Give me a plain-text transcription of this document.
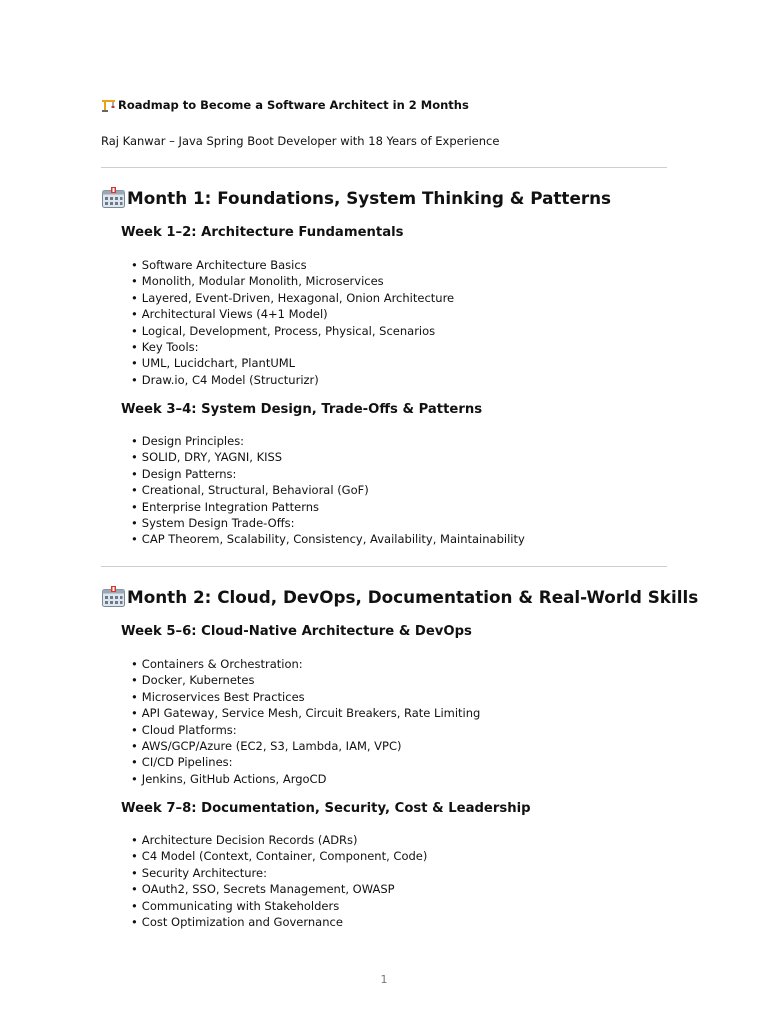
Roadmap to Become a Software Architect in 2 Months
Raj Kanwar – Java Spring Boot Developer with 18 Years of Experience
Month 1: Foundations, System Thinking & Patterns
Week 1–2: Architecture Fundamentals
• Software Architecture Basics
• Monolith, Modular Monolith, Microservices
• Layered, Event-Driven, Hexagonal, Onion Architecture
• Architectural Views (4+1 Model)
• Logical, Development, Process, Physical, Scenarios
• Key Tools:
• UML, Lucidchart, PlantUML
• Draw.io, C4 Model (Structurizr)
Week 3–4: System Design, Trade-Offs & Patterns
• Design Principles:
• SOLID, DRY, YAGNI, KISS
• Design Patterns:
• Creational, Structural, Behavioral (GoF)
• Enterprise Integration Patterns
• System Design Trade-Offs:
• CAP Theorem, Scalability, Consistency, Availability, Maintainability
Month 2: Cloud, DevOps, Documentation & Real-World Skills
Week 5–6: Cloud-Native Architecture & DevOps
• Containers & Orchestration:
• Docker, Kubernetes
• Microservices Best Practices
• API Gateway, Service Mesh, Circuit Breakers, Rate Limiting
• Cloud Platforms:
• AWS/GCP/Azure (EC2, S3, Lambda, IAM, VPC)
• CI/CD Pipelines:
• Jenkins, GitHub Actions, ArgoCD
Week 7–8: Documentation, Security, Cost & Leadership
• Architecture Decision Records (ADRs)
• C4 Model (Context, Container, Component, Code)
• Security Architecture:
• OAuth2, SSO, Secrets Management, OWASP
• Communicating with Stakeholders
• Cost Optimization and Governance
1
